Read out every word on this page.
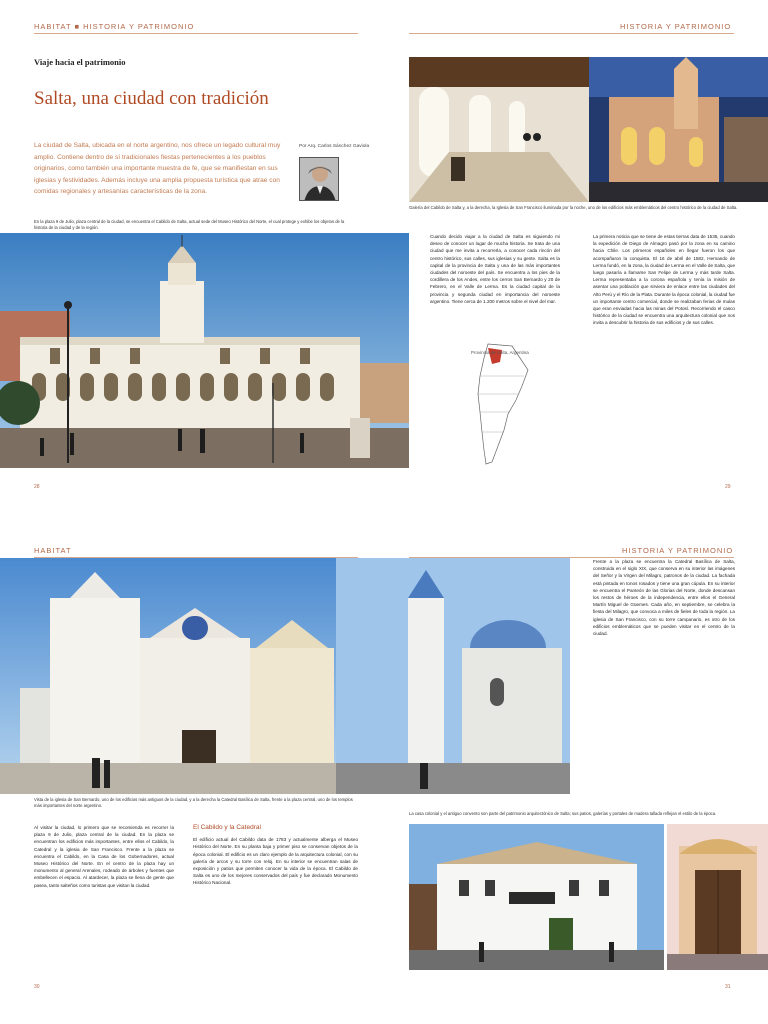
HABITAT ■ HISTORIA Y PATRIMONIO	HISTORIA Y PATRIMONIO
Viaje hacia el patrimonio
Salta, una ciudad con tradición
La ciudad de Salta, ubicada en el norte argentino, nos ofrece un legado cultural muy amplio. Contiene dentro de sí tradicionales fiestas pertenecientes a los pueblos originarios, como también una importante muestra de fe, que se manifiestan en sus iglesias y festividades. Además incluye una amplia propuesta turística que atrae con comidas regionales y artesanías características de la zona.
Por Arq. Carlos Sánchez Gaviola
En la plaza 9 de Julio, plaza central de la ciudad, se encuentra el Cabildo de Salta, actual sede del Museo Histórico del Norte, el cual protege y exhibe los objetos de la historia de la ciudad y de la región.
Galería del Cabildo de Salta y, a la derecha, la Iglesia de San Francisco iluminada por la noche, uno de los edificios más emblemáticos del centro histórico de la ciudad de Salta.

Cuando decido viajar a la ciudad de Salta es siguiendo mi deseo de conocer un lugar de mucha historia. Se trata de una ciudad que me invita a recorrerla, a conocer cada rincón del centro histórico, sus calles, sus iglesias y su gente. Salta es la capital de la provincia de Salta y una de las más importantes ciudades del noroeste del país. Se encuentra a los pies de la cordillera de los Andes, entre los cerros San Bernardo y 20 de Febrero, en el Valle de Lerma. Es la ciudad capital de la provincia y segunda ciudad en importancia del noroeste argentino. Tiene cerca de 1.200 metros sobre el nivel del mar.

Provincia de Salta, Argentina

La primera noticia que se tiene de estas tierras data de 1535, cuando la expedición de Diego de Almagro pasó por la zona en su camino hacia Chile. Los primeros españoles en llegar fueron los que acompañaron la conquista. El 16 de abril de 1582, Hernando de Lerma fundó, en la zona, la ciudad de Lerma en el Valle de Salta, que luego pasaría a llamarse San Felipe de Lerma y más tarde Salta. Lerma representaba a la corona española y tenía la misión de asentar una población que sirviera de enlace entre las ciudades del Alto Perú y el Río de la Plata. Durante la época colonial, la ciudad fue un importante centro comercial, donde se realizaban ferias de mulas que eran enviadas hacia las minas del Potosí. Recorriendo el casco histórico de la ciudad se encuentra una arquitectura colonial que nos invita a descubrir la historia de sus edificios y de sus calles.

28	29
HABITAT	HISTORIA Y PATRIMONIO
Vista de la iglesia de San Bernardo, uno de los edificios más antiguos de la ciudad, y a la derecha la Catedral Basílica de Salta, frente a la plaza central, uno de los templos más importantes del norte argentino.

Al visitar la ciudad, lo primero que se recomienda es recorrer la plaza 9 de Julio, plaza central de la ciudad. En la plaza se encuentran los edificios más importantes, entre ellos el Cabildo, la Catedral y la iglesia de San Francisco. Frente a la plaza se encuentra el Cabildo, en la Casa de los Gobernadores, actual Museo Histórico del Norte. En el centro de la plaza hay un monumento al general Arenales, rodeado de árboles y fuentes que embellecen el espacio. Al atardecer, la plaza se llena de gente que pasea, tanto salteños como turistas que visitan la ciudad.

El Cabildo y la Catedral

El edificio actual del Cabildo data de 1783 y actualmente alberga el Museo Histórico del Norte. En su planta baja y primer piso se conservan objetos de la época colonial. El edificio es un claro ejemplo de la arquitectura colonial, con su galería de arcos y su torre con reloj. En su interior se encuentran salas de exposición y patios que permiten conocer la vida de la época. El Cabildo de Salta es uno de los mejores conservados del país y fue declarado Monumento Histórico Nacional.

Frente a la plaza se encuentra la Catedral Basílica de Salta, construida en el siglo XIX, que conserva en su interior las imágenes del Señor y la Virgen del Milagro, patronos de la ciudad. La fachada está pintada en tonos rosados y tiene una gran cúpula. En su interior se encuentra el Panteón de las Glorias del Norte, donde descansan los restos de héroes de la independencia, entre ellos el General Martín Miguel de Güemes. Cada año, en septiembre, se celebra la fiesta del Milagro, que convoca a miles de fieles de toda la región. La iglesia de San Francisco, con su torre campanario, es otro de los edificios emblemáticos que se pueden visitar en el centro de la ciudad.

La casa colonial y el antiguo convento son parte del patrimonio arquitectónico de Salta; sus patios, galerías y portales de madera tallada reflejan el estilo de la época.
30	31
